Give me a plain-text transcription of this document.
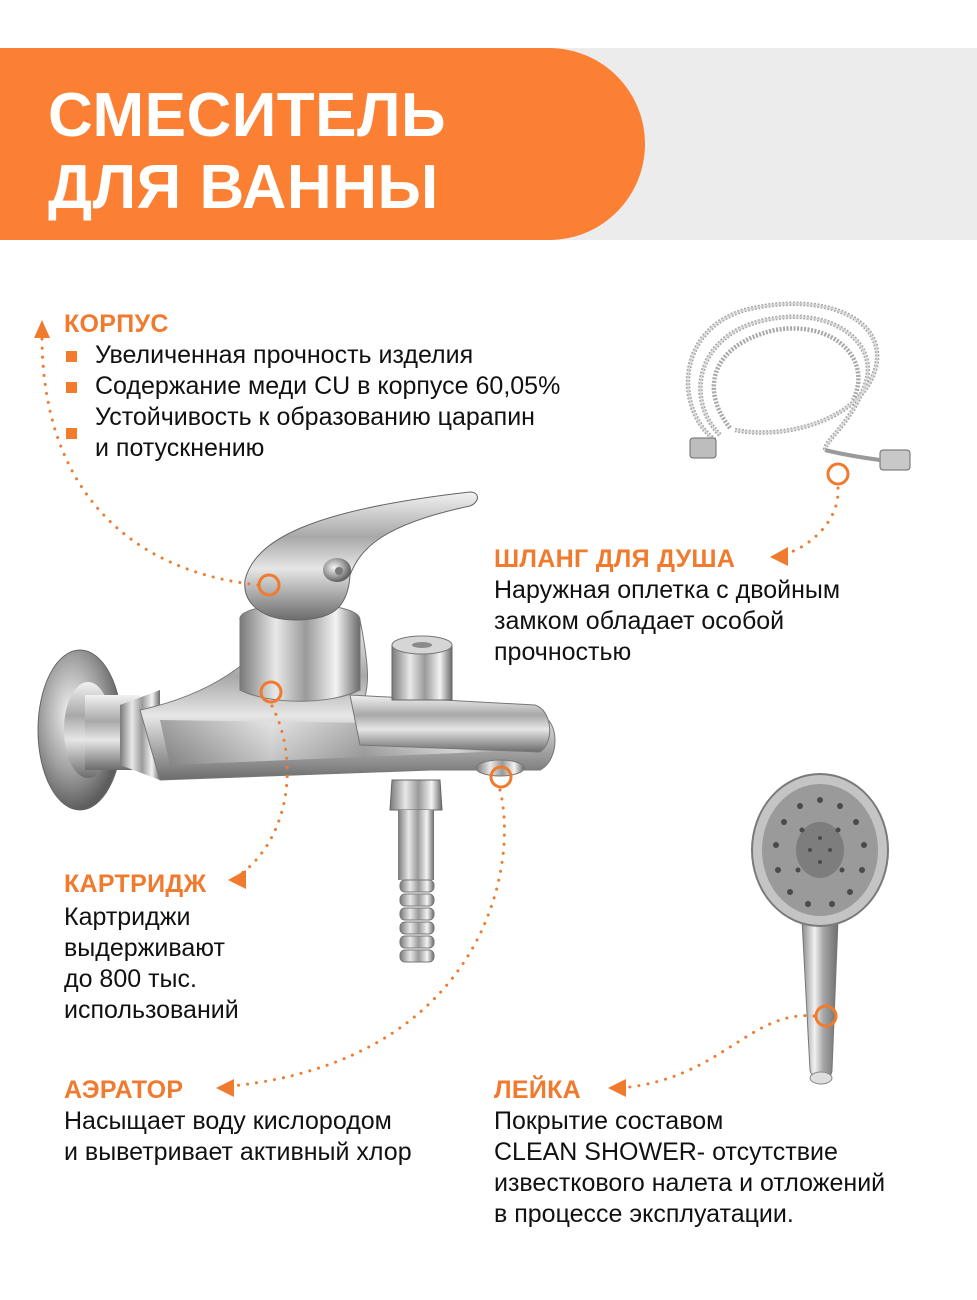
СМЕСИТЕЛЬ
ДЛЯ ВАННЫ

КОРПУС

Увеличенная прочность изделия
Содержание меди CU в корпусе 60,05%
Устойчивость к образованию царапин
и потускнению

ШЛАНГ ДЛЯ ДУША

Наружная оплетка с двойным
замком обладает особой
прочностью

КАРТРИДЖ

Картриджи
выдерживают
до 800 тыс.
использований

АЭРАТОР

Насыщает воду кислородом
и выветривает активный хлор

ЛЕЙКА

Покрытие составом
CLEAN SHOWER- отсутствие
известкового налета и отложений
в процессе эксплуатации.
